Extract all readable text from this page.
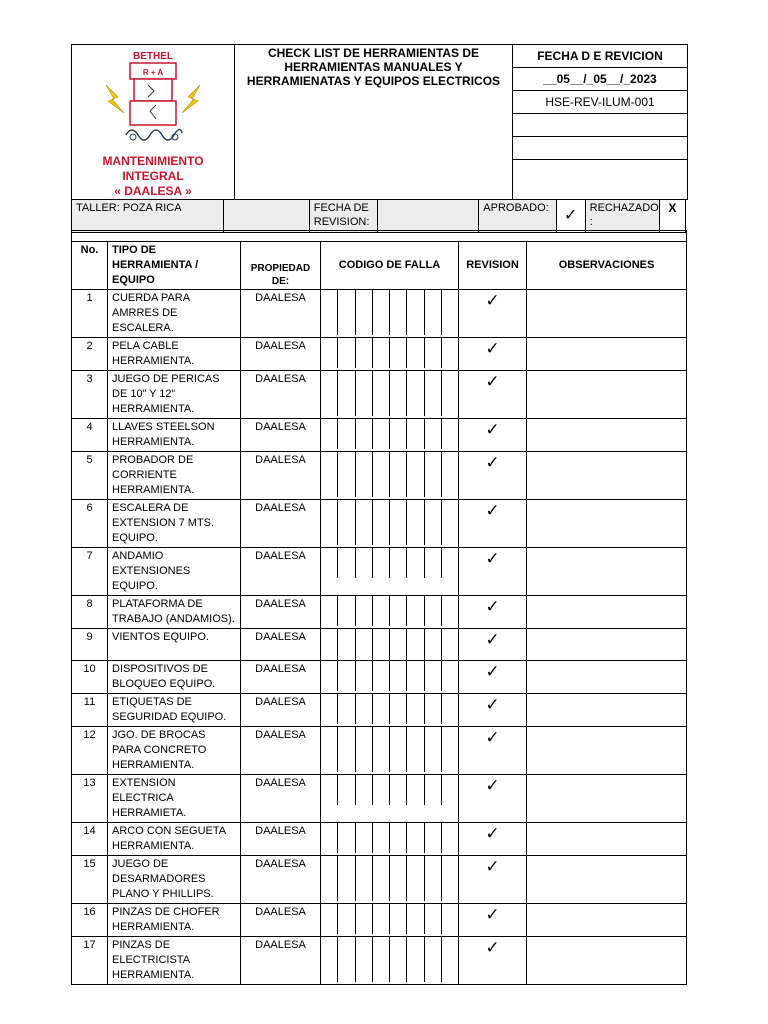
BETHEL
R + A
MANTENIMIENTO INTEGRAL
« DAALESA »
	CHECK LIST DE HERRAMIENTAS DE HERRAMIENTAS MANUALES Y HERRAMIENATAS Y EQUIPOS ELECTRICOS	
FECHA D E REVICION
__05__/_05__/_2023
HSE-REV-ILUM-001

TALLER: POZA RICA		FECHA DE REVISION:		APROBADO:	✓	RECHAZADO :	X

No.	TIPO DE HERRAMIENTA / EQUIPO	PROPIEDAD DE:	CODIGO DE FALLA	REVISION	OBSERVACIONES
1	CUERDA PARA AMRRES DE ESCALERA.	DAALESA		✓	
2	PELA CABLE HERRAMIENTA.	DAALESA		✓	
3	JUEGO DE PERICAS DE 10” Y 12” HERRAMIENTA.	DAALESA		✓	
4	LLAVES STEELSON HERRAMIENTA.	DAALESA		✓	
5	PROBADOR DE CORRIENTE HERRAMIENTA.	DAALESA		✓	
6	ESCALERA DE EXTENSION 7 MTS. EQUIPO.	DAALESA		✓	
7	ANDAMIO EXTENSIONES EQUIPO.	DAALESA		✓	
8	PLATAFORMA DE TRABAJO (ANDAMIOS).	DAALESA		✓	
9	VIENTOS EQUIPO.	DAALESA		✓	
10	DISPOSITIVOS DE BLOQUEO EQUIPO.	DAALESA		✓	
11	ETIQUETAS DE SEGURIDAD EQUIPO.	DAALESA		✓	
12	JGO. DE BROCAS PARA CONCRETO HERRAMIENTA.	DAALESA		✓	
13	EXTENSION ELECTRICA HERRAMIETA.	DAALESA		✓	
14	ARCO CON SEGUETA HERRAMIENTA.	DAALESA		✓	
15	JUEGO DE DESARMADORES PLANO Y PHILLIPS.	DAALESA		✓	
16	PINZAS DE CHOFER HERRAMIENTA.	DAALESA		✓	
17	PINZAS DE ELECTRICISTA HERRAMIENTA.	DAALESA		✓	
